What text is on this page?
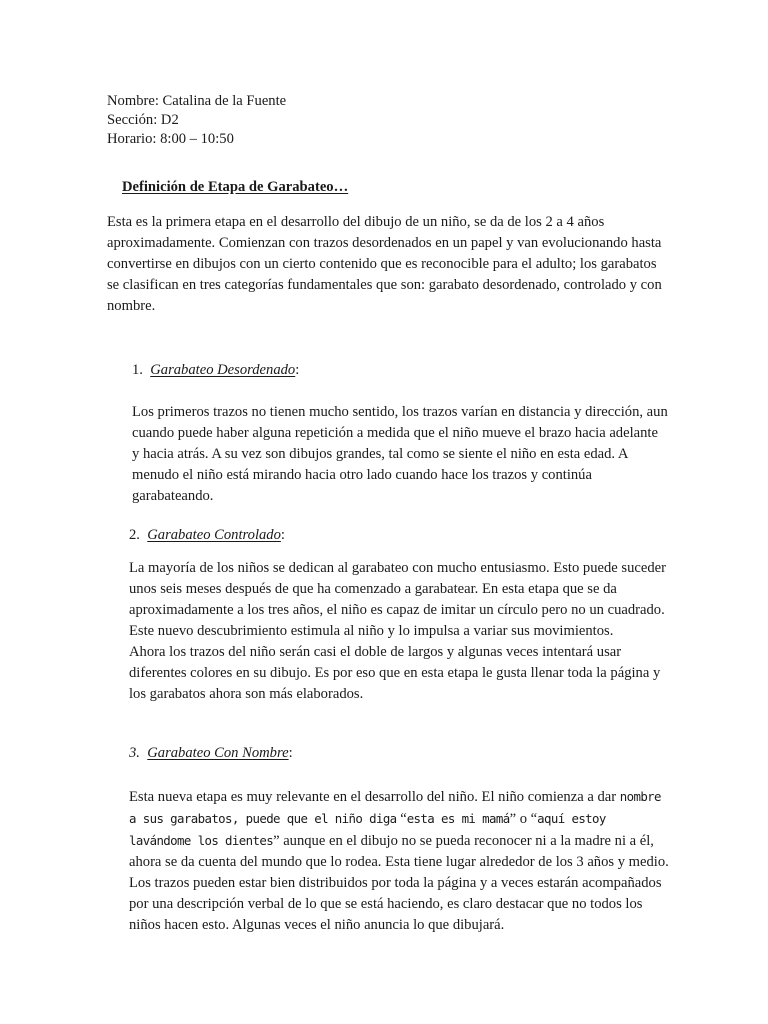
Nombre: Catalina de la Fuente
Sección: D2
Horario: 8:00 – 10:50
Definición de Etapa de Garabateo…

Esta es la primera etapa en el desarrollo del dibujo de un niño, se da de los 2 a 4 años aproximadamente. Comienzan con trazos desordenados en un papel y van evolucionando hasta convertirse en dibujos con un cierto contenido que es reconocible para el adulto; los garabatos se clasifican en tres categorías fundamentales que son: garabato desordenado, controlado y con nombre.

1. Garabateo Desordenado:

Los primeros trazos no tienen mucho sentido, los trazos varían en distancia y dirección, aun cuando puede haber alguna repetición a medida que el niño mueve el brazo hacia adelante y hacia atrás. A su vez son dibujos grandes, tal como se siente el niño en esta edad. A menudo el niño está mirando hacia otro lado cuando hace los trazos y continúa garabateando.

2. Garabateo Controlado:
La mayoría de los niños se dedican al garabateo con mucho entusiasmo. Esto puede suceder unos seis meses después de que ha comenzado a garabatear. En esta etapa que se da aproximadamente a los tres años, el niño es capaz de imitar un círculo pero no un cuadrado. Este nuevo descubrimiento estimula al niño y lo impulsa a variar sus movimientos.
Ahora los trazos del niño serán casi el doble de largos y algunas veces intentará usar diferentes colores en su dibujo. Es por eso que en esta etapa le gusta llenar toda la página y los garabatos ahora son más elaborados.
3. Garabateo Con Nombre:

Esta nueva etapa es muy relevante en el desarrollo del niño. El niño comienza a dar nombre a sus garabatos, puede que el niño diga “esta es mi mamá” o “aquí estoy lavándome los dientes” aunque en el dibujo no se pueda reconocer ni a la madre ni a él, ahora se da cuenta del mundo que lo rodea. Esta tiene lugar alrededor de los 3 años y medio. Los trazos pueden estar bien distribuidos por toda la página y a veces estarán acompañados por una descripción verbal de lo que se está haciendo, es claro destacar que no todos los niños hacen esto. Algunas veces el niño anuncia lo que dibujará.
